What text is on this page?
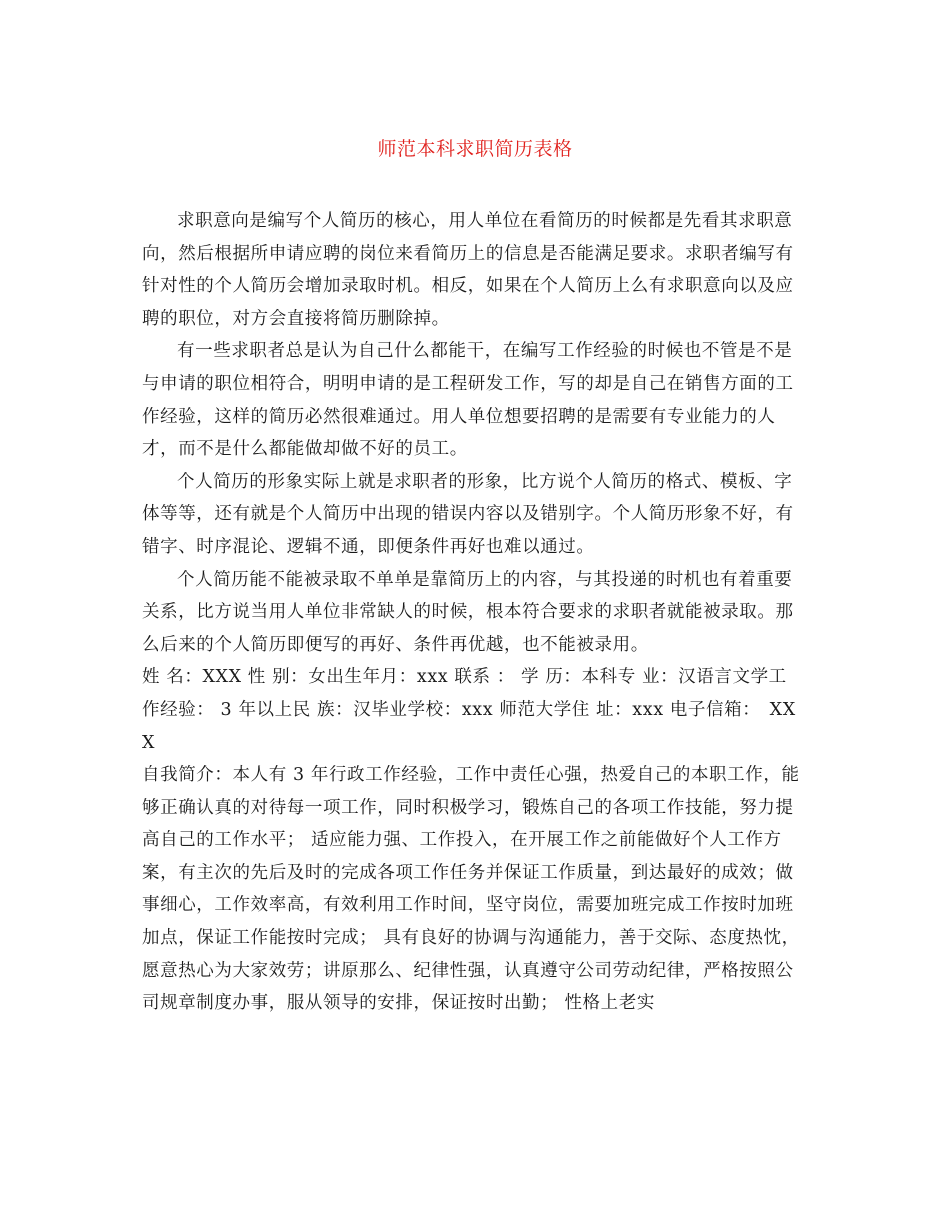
师范本科求职简历表格

求职意向是编写个人简历的核心，用人单位在看简历的时候都是先看其求职意向，然后根据所申请应聘的岗位来看简历上的信息是否能满足要求。求职者编写有针对性的个人简历会增加录取时机。相反，如果在个人简历上么有求职意向以及应聘的职位，对方会直接将简历删除掉。

有一些求职者总是认为自己什么都能干，在编写工作经验的时候也不管是不是与申请的职位相符合，明明申请的是工程研发工作，写的却是自己在销售方面的工作经验，这样的简历必然很难通过。用人单位想要招聘的是需要有专业能力的人才，而不是什么都能做却做不好的员工。

个人简历的形象实际上就是求职者的形象，比方说个人简历的格式、模板、字体等等，还有就是个人简历中出现的错误内容以及错别字。个人简历形象不好，有错字、时序混论、逻辑不通，即便条件再好也难以通过。

个人简历能不能被录取不单单是靠简历上的内容，与其投递的时机也有着重要关系，比方说当用人单位非常缺人的时候，根本符合要求的求职者就能被录取。那么后来的个人简历即便写的再好、条件再优越，也不能被录用。

姓 名：XXX 性 别：女出生年月：xxx 联系 ： 学 历：本科专 业：汉语言文学工作经验： 3 年以上民 族：汉毕业学校：xxx 师范大学住 址：xxx 电子信箱：　XXX

自我简介：本人有 3 年行政工作经验，工作中责任心强，热爱自己的本职工作，能够正确认真的对待每一项工作，同时积极学习，锻炼自己的各项工作技能，努力提高自己的工作水平； 适应能力强、工作投入，在开展工作之前能做好个人工作方案，有主次的先后及时的完成各项工作任务并保证工作质量，到达最好的成效；做事细心，工作效率高，有效利用工作时间，坚守岗位，需要加班完成工作按时加班加点，保证工作能按时完成； 具有良好的协调与沟通能力，善于交际、态度热忱，愿意热心为大家效劳；讲原那么、纪律性强，认真遵守公司劳动纪律，严格按照公司规章制度办事，服从领导的安排，保证按时出勤； 性格上老实
